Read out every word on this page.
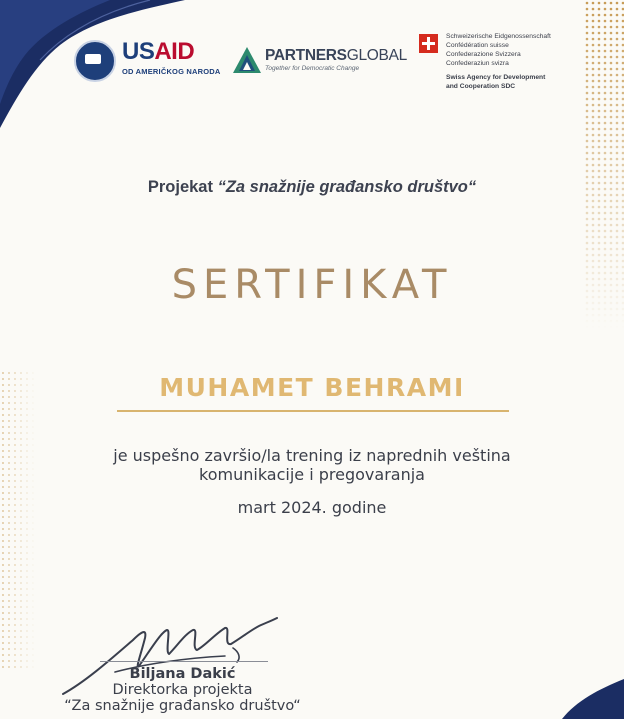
USAID
OD AMERIČKOG NARODA
PARTNERSGLOBAL
Together for Democratic Change
Schweizerische Eidgenossenschaft
Confédération suisse
Confederazione Svizzera
Confederaziun svizra
Swiss Agency for Development
and Cooperation SDC
Projekat “Za snažnije građansko društvo“
SERTIFIKAT
MUHAMET BEHRAMI
je uspešno završio/la trening iz naprednih veština
komunikacije i pregovaranja
mart 2024. godine
Biljana Dakić
Direktorka projekta
“Za snažnije građansko društvo“
